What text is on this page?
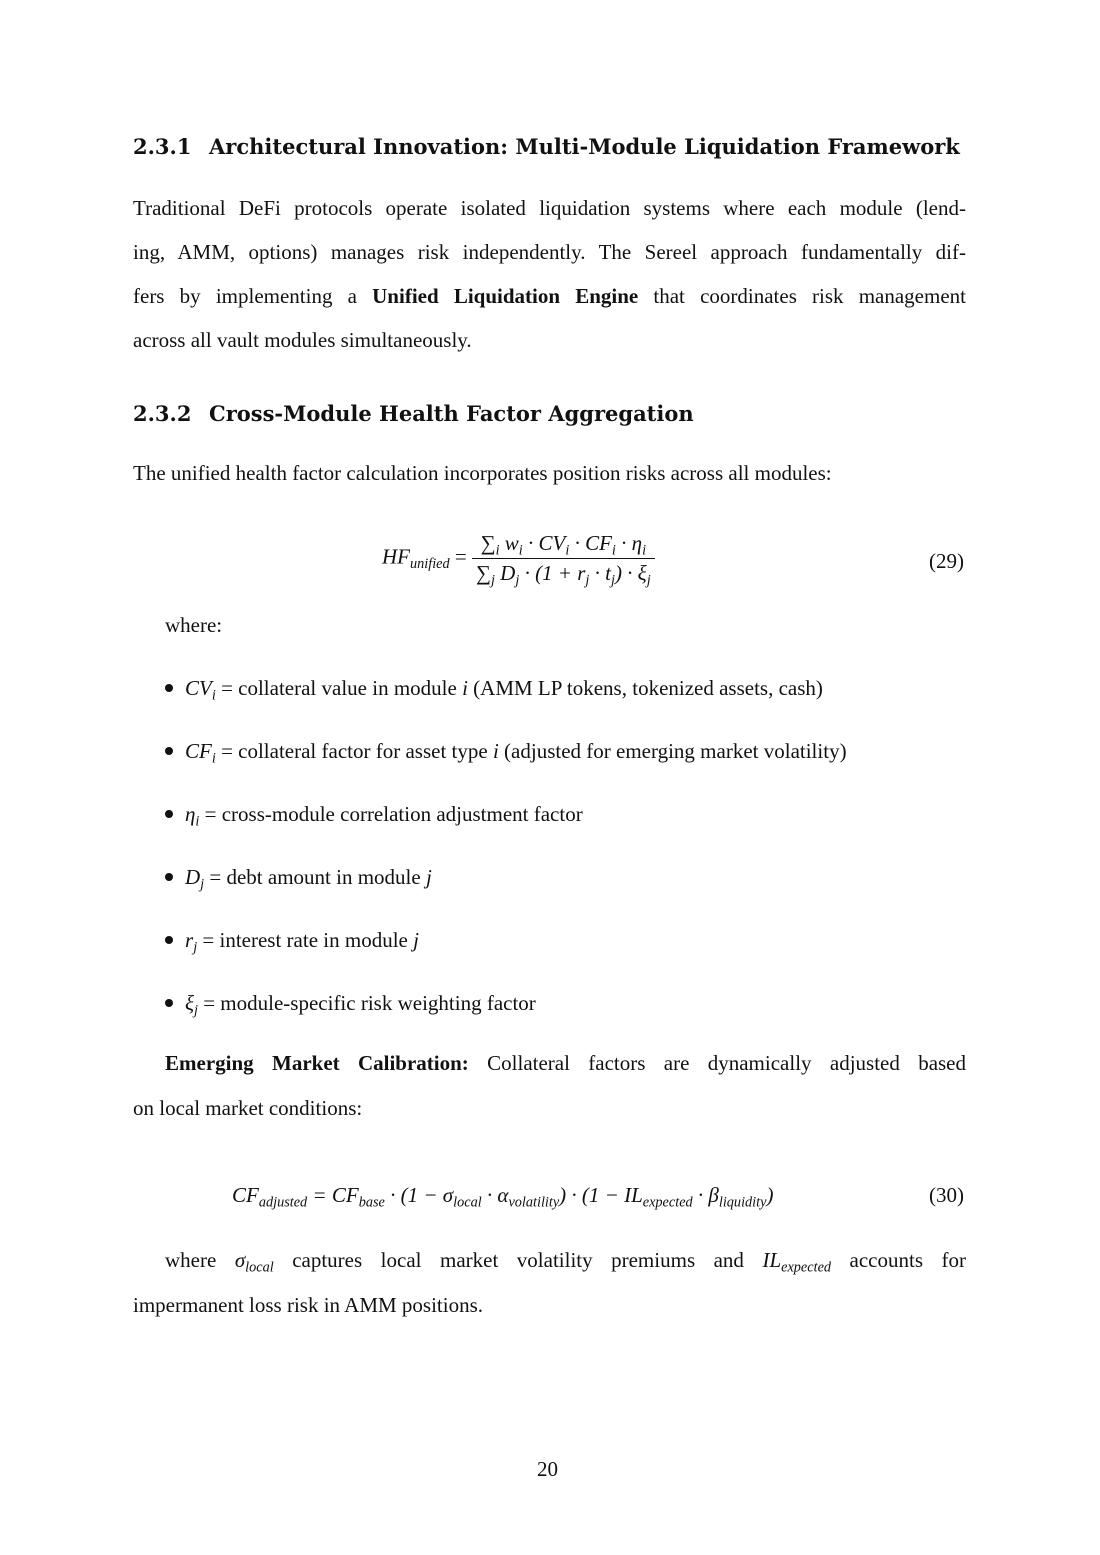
2.3.1 Architectural Innovation: Multi-Module Liquidation Framework
Traditional DeFi protocols operate isolated liquidation systems where each module (lend-
ing, AMM, options) manages risk independently. The Sereel approach fundamentally dif-
fers by implementing a Unified Liquidation Engine that coordinates risk management
across all vault modules simultaneously.
2.3.2 Cross-Module Health Factor Aggregation
The unified health factor calculation incorporates position risks across all modules:
$HF_{unified} = \frac{\sum_i w_i \cdot CV_i \cdot CF_i \cdot \eta_i}{\sum_j D_j \cdot (1 + r_j \cdot t_j) \cdot \xi_j}$	(29)
where:
$CV_i$ = collateral value in module i (AMM LP tokens, tokenized assets, cash)
$CF_i$ = collateral factor for asset type i (adjusted for emerging market volatility)
$\eta_i$ = cross-module correlation adjustment factor
$D_j$ = debt amount in module j
$r_j$ = interest rate in module j
$\xi_j$ = module-specific risk weighting factor
Emerging Market Calibration: Collateral factors are dynamically adjusted based
on local market conditions:
$CF_{adjusted} = CF_{base} \cdot (1 - \sigma_{local} \cdot \alpha_{volatility}) \cdot (1 - IL_{expected} \cdot \beta_{liquidity})$	(30)
where $\sigma_{local}$ captures local market volatility premiums and $IL_{expected}$ accounts for
impermanent loss risk in AMM positions.
20
